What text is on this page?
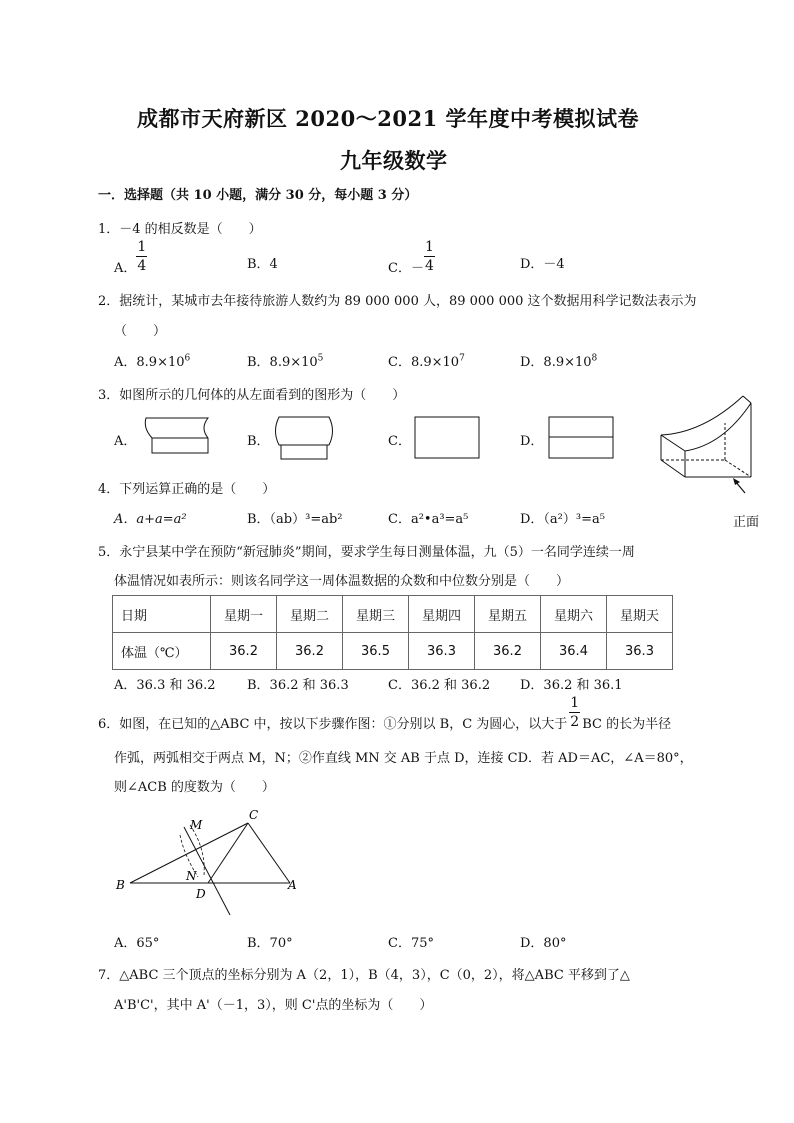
成都市天府新区 2020～2021 学年度中考模拟试卷
九年级数学
一．选择题（共 10 小题，满分 30 分，每小题 3 分）
1．－4 的相反数是（　　）
A． $\frac{1}{4}$	B．4	C．－ $\frac{1}{4}$	D．－4
2．据统计，某城市去年接待旅游人数约为 89 000 000 人，89 000 000 这个数据用科学记数法表示为
（　　）
A．$8.9\times 10^6$	B．$8.9\times 10^5$	C．$8.9\times 10^7$	D．$8.9\times 10^8$
3．如图所示的几何体的从左面看到的图形为（　　）
A．	B．	C．	D．
正面
4．下列运算正确的是（　　）
A．a+a=a²	B．（ab）³=ab²	C．a²•a³=a⁵	D．（a²）³=a⁵
5．永宁县某中学在预防“新冠肺炎”期间，要求学生每日测量体温，九（5）一名同学连续一周
体温情况如表所示：则该名同学这一周体温数据的众数和中位数分别是（　　）
日期	星期一	星期二	星期三	星期四	星期五	星期六	星期天
体温（℃）	36.2	36.2	36.5	36.3	36.2	36.4	36.3
A．36.3 和 36.2 B．36.2 和 36.3	C．36.2 和 36.2 D．36.2 和 36.1
6．如图，在已知的△ABC 中，按以下步骤作图：①分别以 B，C 为圆心，以大于 $\frac{1}{2}$ BC 的长为半径
作弧，两弧相交于两点 M，N；②作直线 MN 交 AB 于点 D，连接 CD．若 AD＝AC，∠A＝80°，
则∠ACB 的度数为（　　）
C
M
N
B
D
A
A．65°	B．70°	C．75°	D．80°
7．△ABC 三个顶点的坐标分别为 A（2，1），B（4，3），C（0，2），将△ABC 平移到了△
A'B'C'，其中 A'（－1，3），则 C'点的坐标为（　　）
